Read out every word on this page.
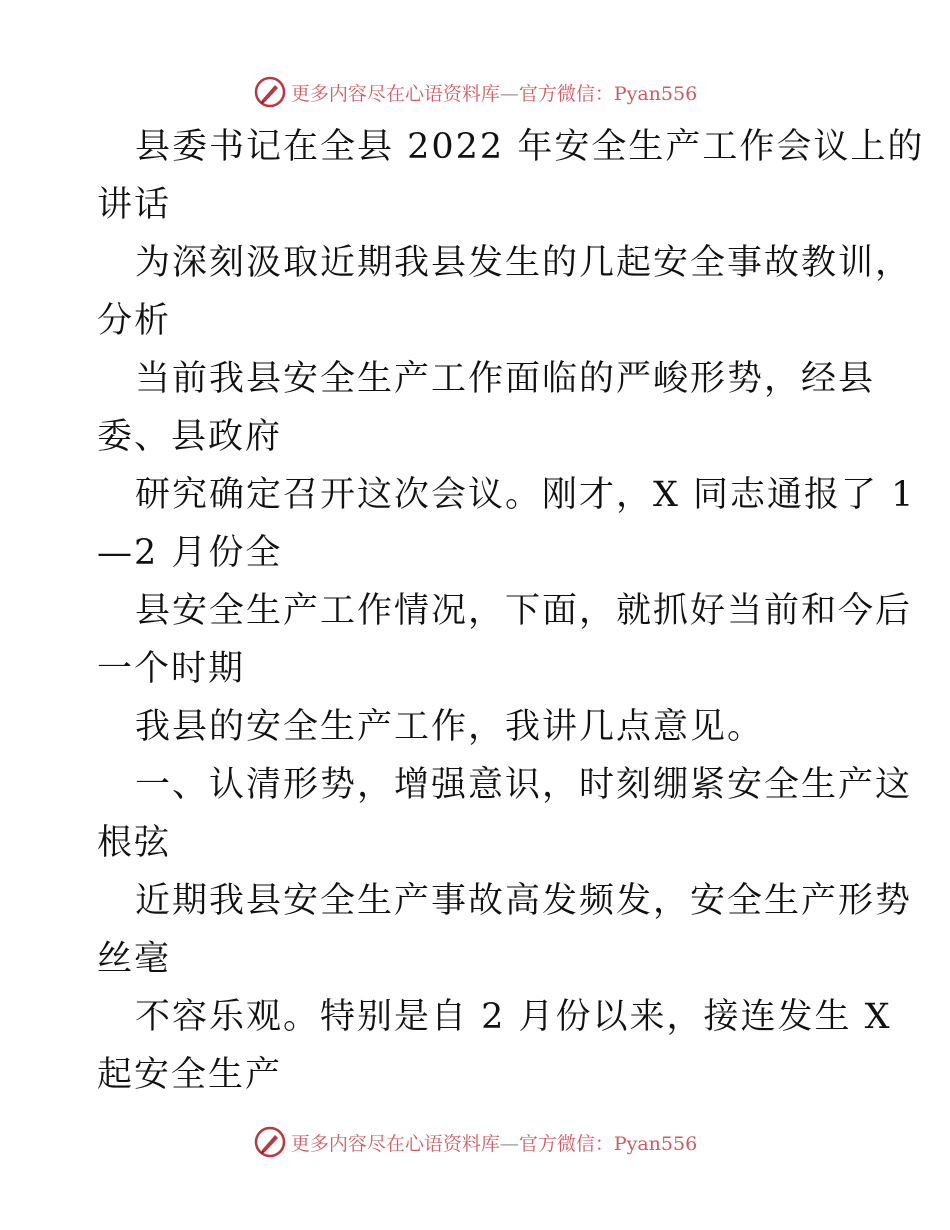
更多内容尽在心语资料库—官方微信：Pyan556
县委书记在全县 2022 年安全生产工作会议上的
讲话
为深刻汲取近期我县发生的几起安全事故教训，
分析
当前我县安全生产工作面临的严峻形势，经县
委、县政府
研究确定召开这次会议。刚才，X 同志通报了 1
—2 月份全
县安全生产工作情况，下面，就抓好当前和今后
一个时期
我县的安全生产工作，我讲几点意见。
一、认清形势，增强意识，时刻绷紧安全生产这
根弦
近期我县安全生产事故高发频发，安全生产形势
丝毫
不容乐观。特别是自 2 月份以来，接连发生 X
起安全生产
更多内容尽在心语资料库—官方微信：Pyan556
